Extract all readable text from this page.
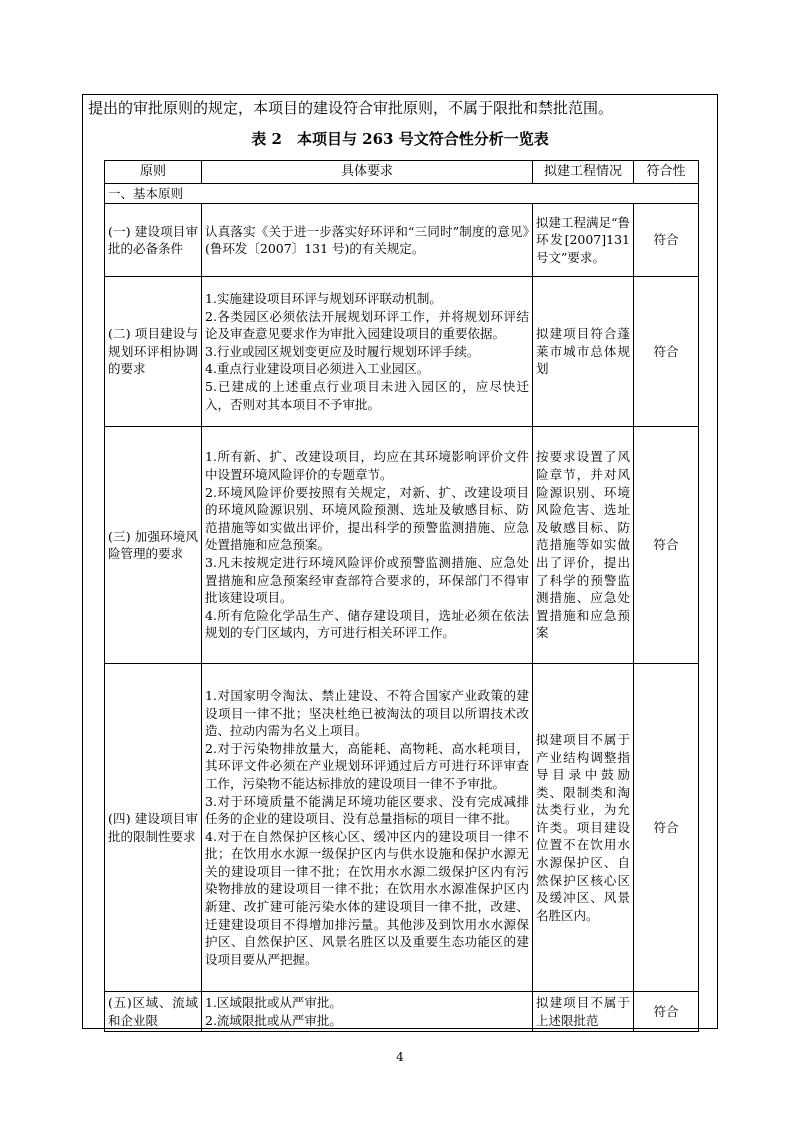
提出的审批原则的规定，本项目的建设符合审批原则，不属于限批和禁批范围。
表 2　本项目与 263 号文符合性分析一览表
原则	具体要求	拟建工程情况	符合性
一、基本原则			
(一) 建设项目审批的必备条件	认真落实《关于进一步落实好环评和“三同时”制度的意见》(鲁环发〔2007〕131 号)的有关规定。	拟建工程满足“鲁环发[2007]131 号文”要求。	符合
(二) 项目建设与规划环评相协调的要求	1.实施建设项目环评与规划环评联动机制。

2.各类园区必须依法开展规划环评工作，并将规划环评结论及审查意见要求作为审批入园建设项目的重要依据。

3.行业或园区规划变更应及时履行规划环评手续。

4.重点行业建设项目必须进入工业园区。

5.已建成的上述重点行业项目未进入园区的，应尽快迁入，否则对其本项目不予审批。	拟建项目符合蓬莱市城市总体规划	符合
(三) 加强环境风险管理的要求	1.所有新、扩、改建设项目，均应在其环境影响评价文件中设置环境风险评价的专题章节。

2.环境风险评价要按照有关规定，对新、扩、改建设项目的环境风险源识别、环境风险预测、选址及敏感目标、防范措施等如实做出评价，提出科学的预警监测措施、应急处置措施和应急预案。

3.凡未按规定进行环境风险评价或预警监测措施、应急处置措施和应急预案经审查部符合要求的，环保部门不得审批该建设项目。

4.所有危险化学品生产、储存建设项目，选址必须在依法规划的专门区域内，方可进行相关环评工作。	按要求设置了风险章节，并对风险源识别、环境风险危害、选址及敏感目标、防范措施等如实做出了评价，提出了科学的预警监测措施、应急处置措施和应急预案	符合
(四) 建设项目审批的限制性要求	1.对国家明令淘汰、禁止建设、不符合国家产业政策的建设项目一律不批；坚决杜绝已被淘汰的项目以所谓技术改造、拉动内需为名义上项目。

2.对于污染物排放量大，高能耗、高物耗、高水耗项目，其环评文件必须在产业规划环评通过后方可进行环评审查工作，污染物不能达标排放的建设项目一律不予审批。

3.对于环境质量不能满足环境功能区要求、没有完成减排任务的企业的建设项目、没有总量指标的项目一律不批。

4.对于在自然保护区核心区、缓冲区内的建设项目一律不批；在饮用水水源一级保护区内与供水设施和保护水源无关的建设项目一律不批；在饮用水水源二级保护区内有污染物排放的建设项目一律不批；在饮用水水源准保护区内新建、改扩建可能污染水体的建设项目一律不批，改建、迁建建设项目不得增加排污量。其他涉及到饮用水水源保护区、自然保护区、风景名胜区以及重要生态功能区的建设项目要从严把握。	拟建项目不属于产业结构调整指导目录中鼓励类、限制类和淘汰类行业，为允许类。项目建设位置不在饮用水水源保护区、自然保护区核心区及缓冲区、风景名胜区内。	符合
(五)区域、流域和企业限	1.区域限批或从严审批。

2.流域限批或从严审批。	拟建项目不属于上述限批范	符合
4
